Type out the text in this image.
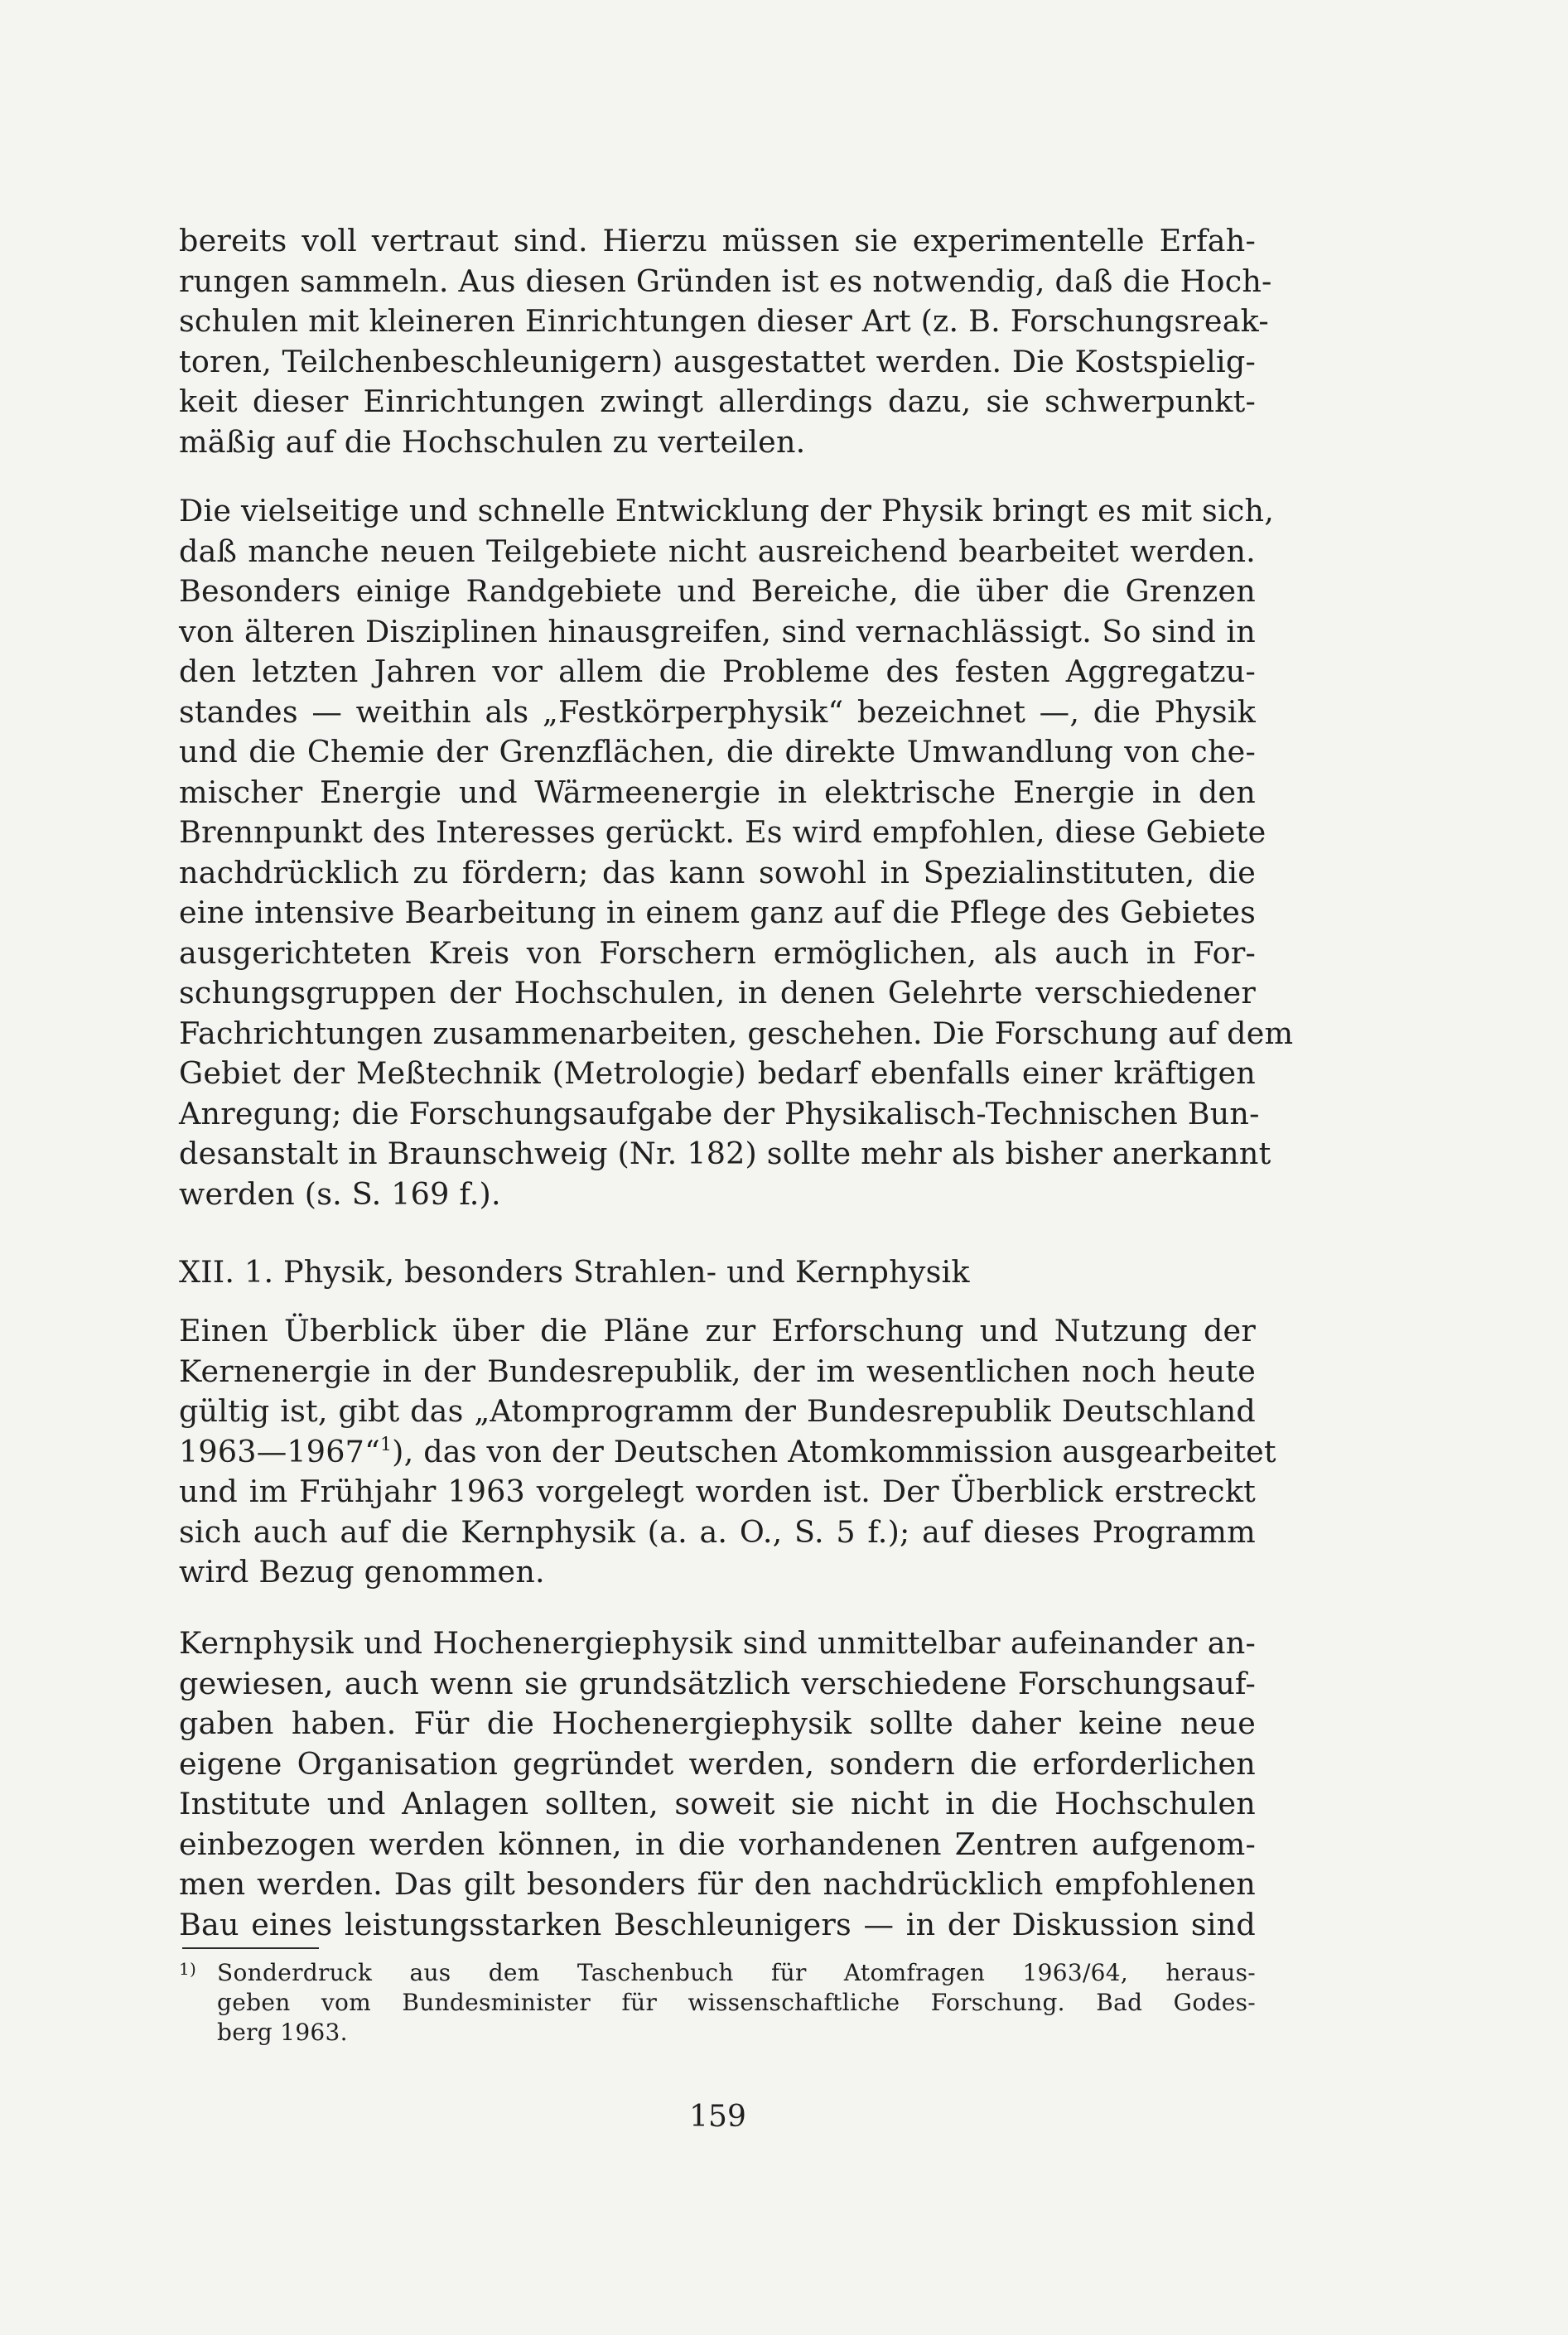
bereits voll vertraut sind. Hierzu müssen sie experimentelle Erfah-
rungen sammeln. Aus diesen Gründen ist es notwendig, daß die Hoch-
schulen mit kleineren Einrichtungen dieser Art (z. B. Forschungsreak-
toren, Teilchenbeschleunigern) ausgestattet werden. Die Kostspielig-
keit dieser Einrichtungen zwingt allerdings dazu, sie schwerpunkt-
mäßig auf die Hochschulen zu verteilen.
Die vielseitige und schnelle Entwicklung der Physik bringt es mit sich,
daß manche neuen Teilgebiete nicht ausreichend bearbeitet werden.
Besonders einige Randgebiete und Bereiche, die über die Grenzen
von älteren Disziplinen hinausgreifen, sind vernachlässigt. So sind in
den letzten Jahren vor allem die Probleme des festen Aggregatzu-
standes — weithin als „Festkörperphysik“ bezeichnet —, die Physik
und die Chemie der Grenzflächen, die direkte Umwandlung von che-
mischer Energie und Wärmeenergie in elektrische Energie in den
Brennpunkt des Interesses gerückt. Es wird empfohlen, diese Gebiete
nachdrücklich zu fördern; das kann sowohl in Spezialinstituten, die
eine intensive Bearbeitung in einem ganz auf die Pflege des Gebietes
ausgerichteten Kreis von Forschern ermöglichen, als auch in For-
schungsgruppen der Hochschulen, in denen Gelehrte verschiedener
Fachrichtungen zusammenarbeiten, geschehen. Die Forschung auf dem
Gebiet der Meßtechnik (Metrologie) bedarf ebenfalls einer kräftigen
Anregung; die Forschungsaufgabe der Physikalisch-Technischen Bun-
desanstalt in Braunschweig (Nr. 182) sollte mehr als bisher anerkannt
werden (s. S. 169 f.).
XII. 1. Physik, besonders Strahlen- und Kernphysik
Einen Überblick über die Pläne zur Erforschung und Nutzung der
Kernenergie in der Bundesrepublik, der im wesentlichen noch heute
gültig ist, gibt das „Atomprogramm der Bundesrepublik Deutschland
1963—1967“$^1$), das von der Deutschen Atomkommission ausgearbeitet
und im Frühjahr 1963 vorgelegt worden ist. Der Überblick erstreckt
sich auch auf die Kernphysik (a. a. O., S. 5 f.); auf dieses Programm
wird Bezug genommen.
Kernphysik und Hochenergiephysik sind unmittelbar aufeinander an-
gewiesen, auch wenn sie grundsätzlich verschiedene Forschungsauf-
gaben haben. Für die Hochenergiephysik sollte daher keine neue
eigene Organisation gegründet werden, sondern die erforderlichen
Institute und Anlagen sollten, soweit sie nicht in die Hochschulen
einbezogen werden können, in die vorhandenen Zentren aufgenom-
men werden. Das gilt besonders für den nachdrücklich empfohlenen
Bau eines leistungsstarken Beschleunigers — in der Diskussion sind
1) Sonderdruck aus dem Taschenbuch für Atomfragen 1963/64, heraus-
geben vom Bundesminister für wissenschaftliche Forschung. Bad Godes-
berg 1963.
159
